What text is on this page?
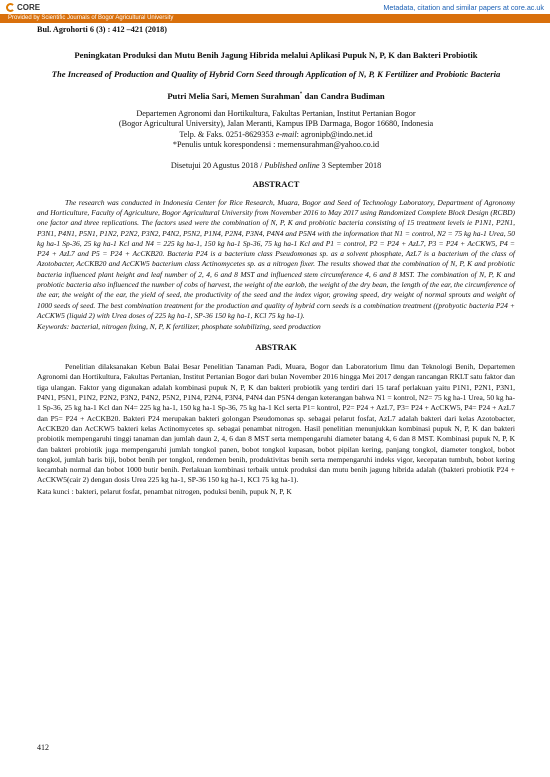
CORE	Metadata, citation and similar papers at core.ac.uk
Provided by Scientific Journals of Bogor Agricultural University
Bul. Agrohorti 6 (3) : 412 –421 (2018)
Peningkatan Produksi dan Mutu Benih Jagung Hibrida melalui Aplikasi Pupuk N, P, K dan Bakteri Probiotik
The Increased of Production and Quality of Hybrid Corn Seed through Application of N, P, K Fertilizer and Probiotic Bacteria
Putri Melia Sari, Memen Surahman* dan Candra Budiman
Departemen Agronomi dan Hortikultura, Fakultas Pertanian, Institut Pertanian Bogor
(Bogor Agricultural University), Jalan Meranti, Kampus IPB Darmaga, Bogor 16680, Indonesia
Telp. & Faks. 0251-8629353 e-mail: agronipb@indo.net.id
*Penulis untuk korespondensi : memensurahman@yahoo.co.id
Disetujui 20 Agustus 2018 / Published online 3 September 2018
ABSTRACT
The research was conducted in Indonesia Center for Rice Research, Muara, Bogor and Seed of Technology Laboratory, Department of Agronomy and Horticulture, Faculty of Agriculture, Bogor Agricultural University from November 2016 to May 2017 using Randomized Complete Block Design (RCBD) one factor and three replications. The factors used were the combination of N, P, K and probiotic bacteria consisting of 15 treatment levels ie P1N1, P2N1, P3N1, P4N1, P5N1, P1N2, P2N2, P3N2, P4N2, P5N2, P1N4, P2N4, P3N4, P4N4 and P5N4 with the information that N1 = control, N2 = 75 kg ha-1 Urea, 50 kg ha-1 Sp-36, 25 kg ha-1 Kcl and N4 = 225 kg ha-1, 150 kg ha-1 Sp-36, 75 kg ha-1 Kcl and P1 = control, P2 = P24 + AzL7, P3 = P24 + AcCKW5, P4 = P24 + AzL7 and P5 = P24 + AcCKB20. Bacteria P24 is a bacterium class Pseudomonas sp. as a solvent phosphate, AzL7 is a bacterium of the class of Azotobacter, AcCKB20 and AcCKW5 bacterium class Actinomycetes sp. as a nitrogen fixer. The results showed that the combination of N, P, K and probiotic bacteria influenced plant height and leaf number of 2, 4, 6 and 8 MST and influenced stem circumference 4, 6 and 8 MST. The combination of N, P, K and probiotic bacteria also influenced the number of cobs of harvest, the weight of the earlob, the weight of the dry bean, the length of the ear, the circumference of the ear, the weight of the ear, the yield of seed, the productivity of the seed and the index vigor, growing speed, dry weight of normal sprouts and weight of 1000 seeds of seed. The best combination treatment for the production and quality of hybrid corn seeds is a combination treatment ((probyotic bacteria P24 + AcCKW5 (liquid 2) with Urea doses of 225 kg ha-1, SP-36 150 kg ha-1, KCl 75 kg ha-1).
Keywords: bacterial, nitrogen fixing, N, P, K fertilizer, phosphate solubilizing, seed production
ABSTRAK
Penelitian dilaksanakan Kebun Balai Besar Penelitian Tanaman Padi, Muara, Bogor dan Laboratorium Ilmu dan Teknologi Benih, Departemen Agronomi dan Hortikultura, Fakultas Pertanian, Institut Pertanian Bogor dari bulan November 2016 hingga Mei 2017 dengan rancangan RKLT satu faktor dan tiga ulangan. Faktor yang digunakan adalah kombinasi pupuk N, P, K dan bakteri probiotik yang terdiri dari 15 taraf perlakuan yaitu P1N1, P2N1, P3N1, P4N1, P5N1, P1N2, P2N2, P3N2, P4N2, P5N2, P1N4, P2N4, P3N4, P4N4 dan P5N4 dengan keterangan bahwa N1 = kontrol, N2= 75 kg ha-1 Urea, 50 kg ha-1 Sp-36, 25 kg ha-1 Kcl dan N4= 225 kg ha-1, 150 kg ha-1 Sp-36, 75 kg ha-1 Kcl serta P1= kontrol, P2= P24 + AzL7, P3= P24 + AcCKW5, P4= P24 + AzL7 dan P5= P24 + AcCKB20. Bakteri P24 merupakan bakteri golongan Pseudomonas sp. sebagai pelarut fosfat, AzL7 adalah bakteri dari kelas Azotobacter, AcCKB20 dan AcCKW5 bakteri kelas Actinomycetes sp. sebagai penambat nitrogen. Hasil penelitian menunjukkan kombinasi pupuk N, P, K dan bakteri probiotik mempengaruhi tinggi tanaman dan jumlah daun 2, 4, 6 dan 8 MST serta mempengaruhi diameter batang 4, 6 dan 8 MST. Kombinasi pupuk N, P, K dan bakteri probiotik juga mempengaruhi jumlah tongkol panen, bobot tongkol kupasan, bobot pipilan kering, panjang tongkol, diameter tongkol, bobot tongkol, jumlah baris biji, bobot benih per tongkol, rendemen benih, produktivitas benih serta mempengaruhi indeks vigor, kecepatan tumbuh, bobot kering kecambah normal dan bobot 1000 butir benih. Perlakuan kombinasi terbaik untuk produksi dan mutu benih jagung hibrida adalah ((bakteri probiotik P24 + AcCKW5(cair 2) dengan dosis Urea 225 kg ha-1, SP-36 150 kg ha-1, KCl 75 kg ha-1).
Kata kunci : bakteri, pelarut fosfat, penambat nitrogen, poduksi benih, pupuk N, P, K
412
